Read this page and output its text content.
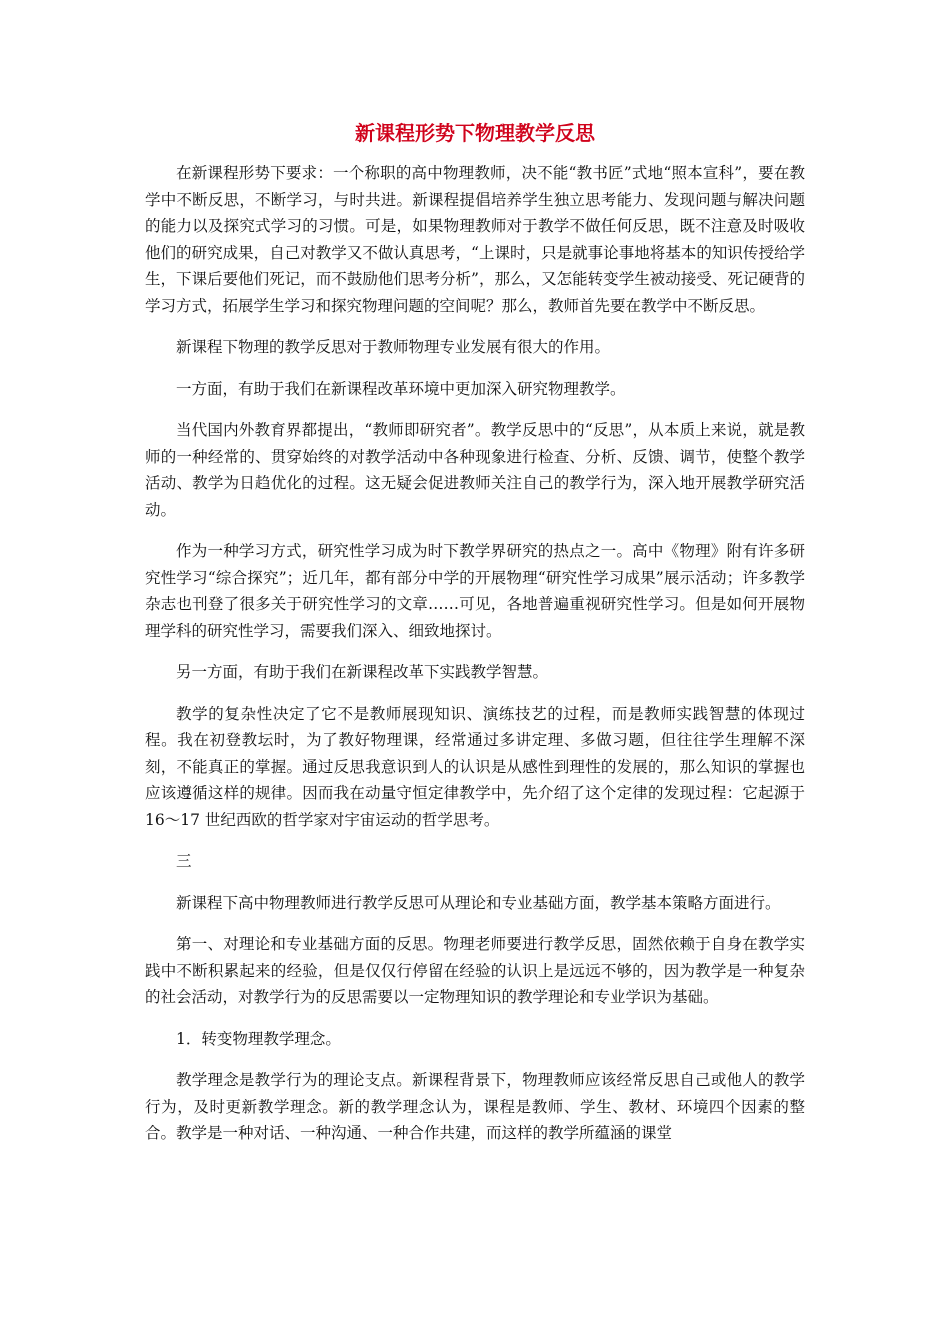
新课程形势下物理教学反思

在新课程形势下要求：一个称职的高中物理教师，决不能“教书匠”式地“照本宣科”，要在教学中不断反思，不断学习，与时共进。新课程提倡培养学生独立思考能力、发现问题与解决问题的能力以及探究式学习的习惯。可是，如果物理教师对于教学不做任何反思，既不注意及时吸收他们的研究成果，自己对教学又不做认真思考，“上课时，只是就事论事地将基本的知识传授给学生，下课后要他们死记，而不鼓励他们思考分析”，那么，又怎能转变学生被动接受、死记硬背的学习方式，拓展学生学习和探究物理问题的空间呢？那么，教师首先要在教学中不断反思。

新课程下物理的教学反思对于教师物理专业发展有很大的作用。

一方面，有助于我们在新课程改革环境中更加深入研究物理教学。

当代国内外教育界都提出，“教师即研究者”。教学反思中的“反思”，从本质上来说，就是教师的一种经常的、贯穿始终的对教学活动中各种现象进行检查、分析、反馈、调节，使整个教学活动、教学为日趋优化的过程。这无疑会促进教师关注自己的教学行为，深入地开展教学研究活动。

作为一种学习方式，研究性学习成为时下教学界研究的热点之一。高中《物理》附有许多研究性学习“综合探究”；近几年，都有部分中学的开展物理“研究性学习成果”展示活动；许多教学杂志也刊登了很多关于研究性学习的文章……可见，各地普遍重视研究性学习。但是如何开展物理学科的研究性学习，需要我们深入、细致地探讨。

另一方面，有助于我们在新课程改革下实践教学智慧。

教学的复杂性决定了它不是教师展现知识、演练技艺的过程，而是教师实践智慧的体现过程。我在初登教坛时，为了教好物理课，经常通过多讲定理、多做习题，但往往学生理解不深刻，不能真正的掌握。通过反思我意识到人的认识是从感性到理性的发展的，那么知识的掌握也应该遵循这样的规律。因而我在动量守恒定律教学中，先介绍了这个定律的发现过程：它起源于16～17 世纪西欧的哲学家对宇宙运动的哲学思考。

三

新课程下高中物理教师进行教学反思可从理论和专业基础方面，教学基本策略方面进行。

第一、对理论和专业基础方面的反思。物理老师要进行教学反思，固然依赖于自身在教学实践中不断积累起来的经验，但是仅仅行停留在经验的认识上是远远不够的，因为教学是一种复杂的社会活动，对教学行为的反思需要以一定物理知识的教学理论和专业学识为基础。

1．转变物理教学理念。

教学理念是教学行为的理论支点。新课程背景下，物理教师应该经常反思自己或他人的教学行为，及时更新教学理念。新的教学理念认为，课程是教师、学生、教材、环境四个因素的整合。教学是一种对话、一种沟通、一种合作共建，而这样的教学所蕴涵的课堂
